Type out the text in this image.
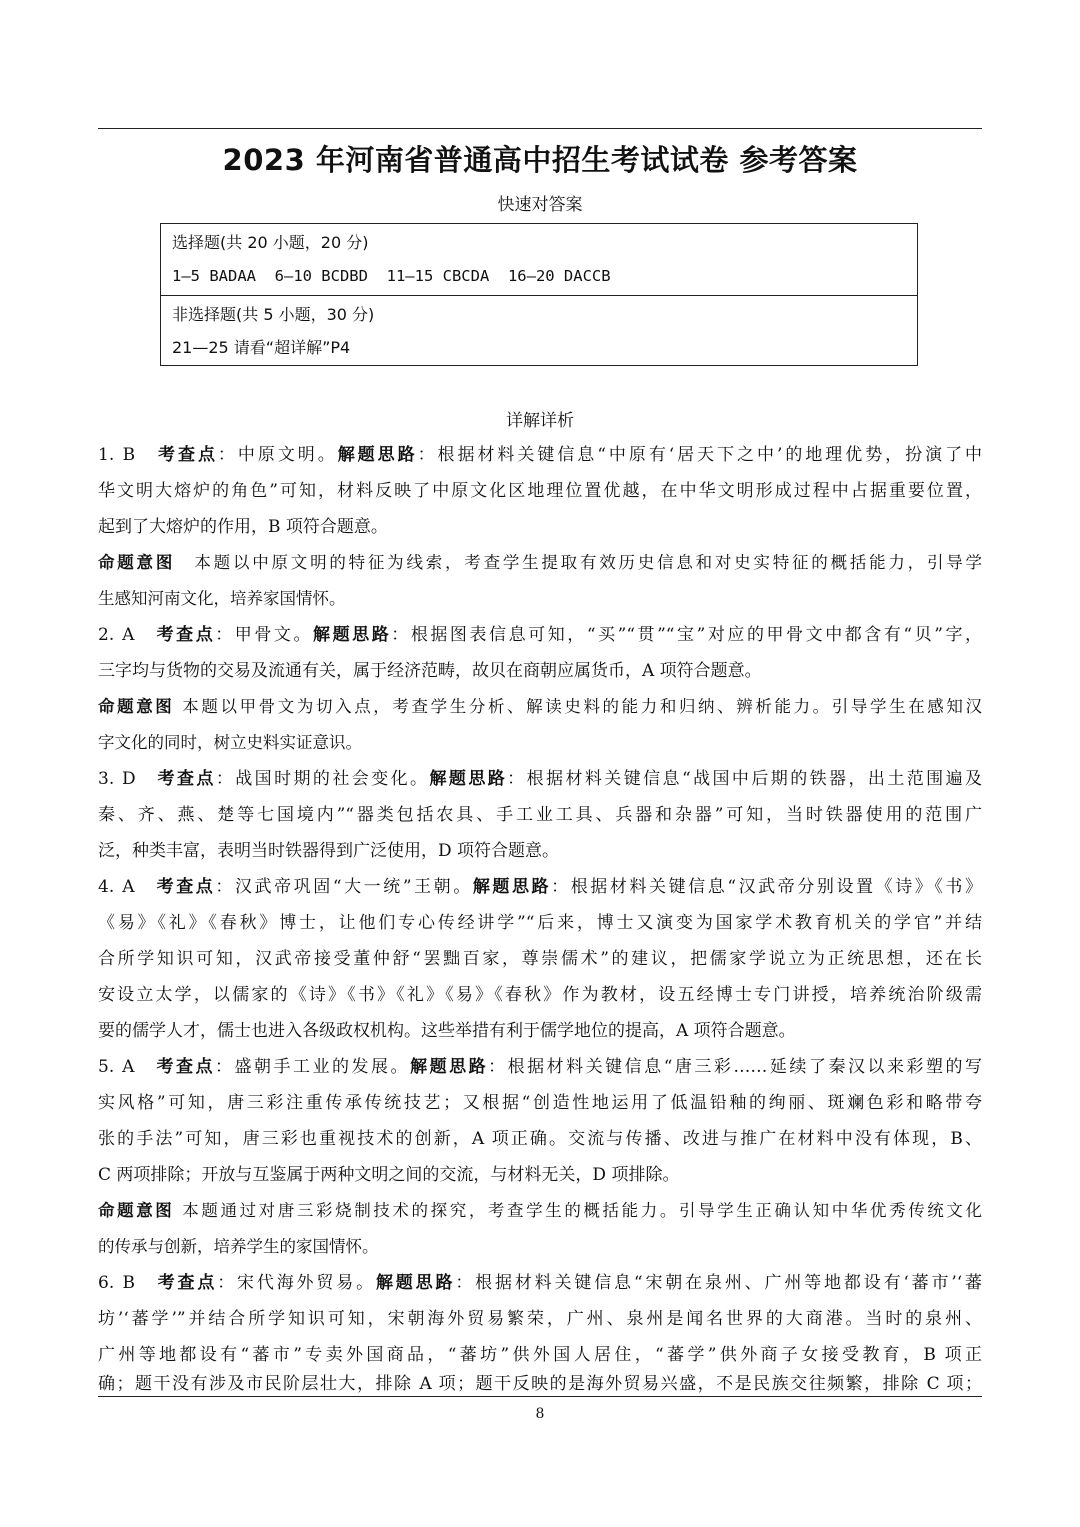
2023 年河南省普通高中招生考试试卷 参考答案
快速对答案
选择题(共 20 小题，20 分)
1—5 BADAA  6—10 BCDBD  11—15 CBCDA  16—20 DACCB
非选择题(共 5 小题，30 分)
21—25 请看“超详解”P4
详解详析
1. B　考查点：中原文明。解题思路：根据材料关键信息“中原有‘居天下之中’的地理优势，扮演了中
华文明大熔炉的角色”可知，材料反映了中原文化区地理位置优越，在中华文明形成过程中占据重要位置，
起到了大熔炉的作用，B 项符合题意。
命题意图　本题以中原文明的特征为线索，考查学生提取有效历史信息和对史实特征的概括能力，引导学
生感知河南文化，培养家国情怀。
2. A　考查点：甲骨文。解题思路：根据图表信息可知，“买”“贯”“宝”对应的甲骨文中都含有“贝”字，
三字均与货物的交易及流通有关，属于经济范畴，故贝在商朝应属货币，A 项符合题意。
命题意图 本题以甲骨文为切入点，考查学生分析、解读史料的能力和归纳、辨析能力。引导学生在感知汉
字文化的同时，树立史料实证意识。
3. D　考查点：战国时期的社会变化。解题思路：根据材料关键信息“战国中后期的铁器，出土范围遍及
秦、齐、燕、楚等七国境内”“器类包括农具、手工业工具、兵器和杂器”可知，当时铁器使用的范围广
泛，种类丰富，表明当时铁器得到广泛使用，D 项符合题意。
4. A　考查点：汉武帝巩固“大一统”王朝。解题思路：根据材料关键信息“汉武帝分别设置《诗》《书》
《易》《礼》《春秋》博士，让他们专心传经讲学”“后来，博士又演变为国家学术教育机关的学官”并结
合所学知识可知，汉武帝接受董仲舒“罢黜百家，尊崇儒术”的建议，把儒家学说立为正统思想，还在长
安设立太学，以儒家的《诗》《书》《礼》《易》《春秋》作为教材，设五经博士专门讲授，培养统治阶级需
要的儒学人才，儒士也进入各级政权机构。这些举措有利于儒学地位的提高，A 项符合题意。
5. A　考查点：盛朝手工业的发展。解题思路：根据材料关键信息“唐三彩……延续了秦汉以来彩塑的写
实风格”可知，唐三彩注重传承传统技艺；又根据“创造性地运用了低温铅釉的绚丽、斑斓色彩和略带夸
张的手法”可知，唐三彩也重视技术的创新，A 项正确。交流与传播、改进与推广在材料中没有体现，B、
C 两项排除；开放与互鉴属于两种文明之间的交流，与材料无关，D 项排除。
命题意图 本题通过对唐三彩烧制技术的探究，考查学生的概括能力。引导学生正确认知中华优秀传统文化
的传承与创新，培养学生的家国情怀。
6. B　考查点：宋代海外贸易。解题思路：根据材料关键信息“宋朝在泉州、广州等地都设有‘蕃市’‘蕃
坊’‘蕃学’”并结合所学知识可知，宋朝海外贸易繁荣，广州、泉州是闻名世界的大商港。当时的泉州、
广州等地都设有“蕃市”专卖外国商品，“蕃坊”供外国人居住，“蕃学”供外商子女接受教育，B 项正
确；题干没有涉及市民阶层壮大，排除 A 项；题干反映的是海外贸易兴盛，不是民族交往频繁，排除 C 项；
8
